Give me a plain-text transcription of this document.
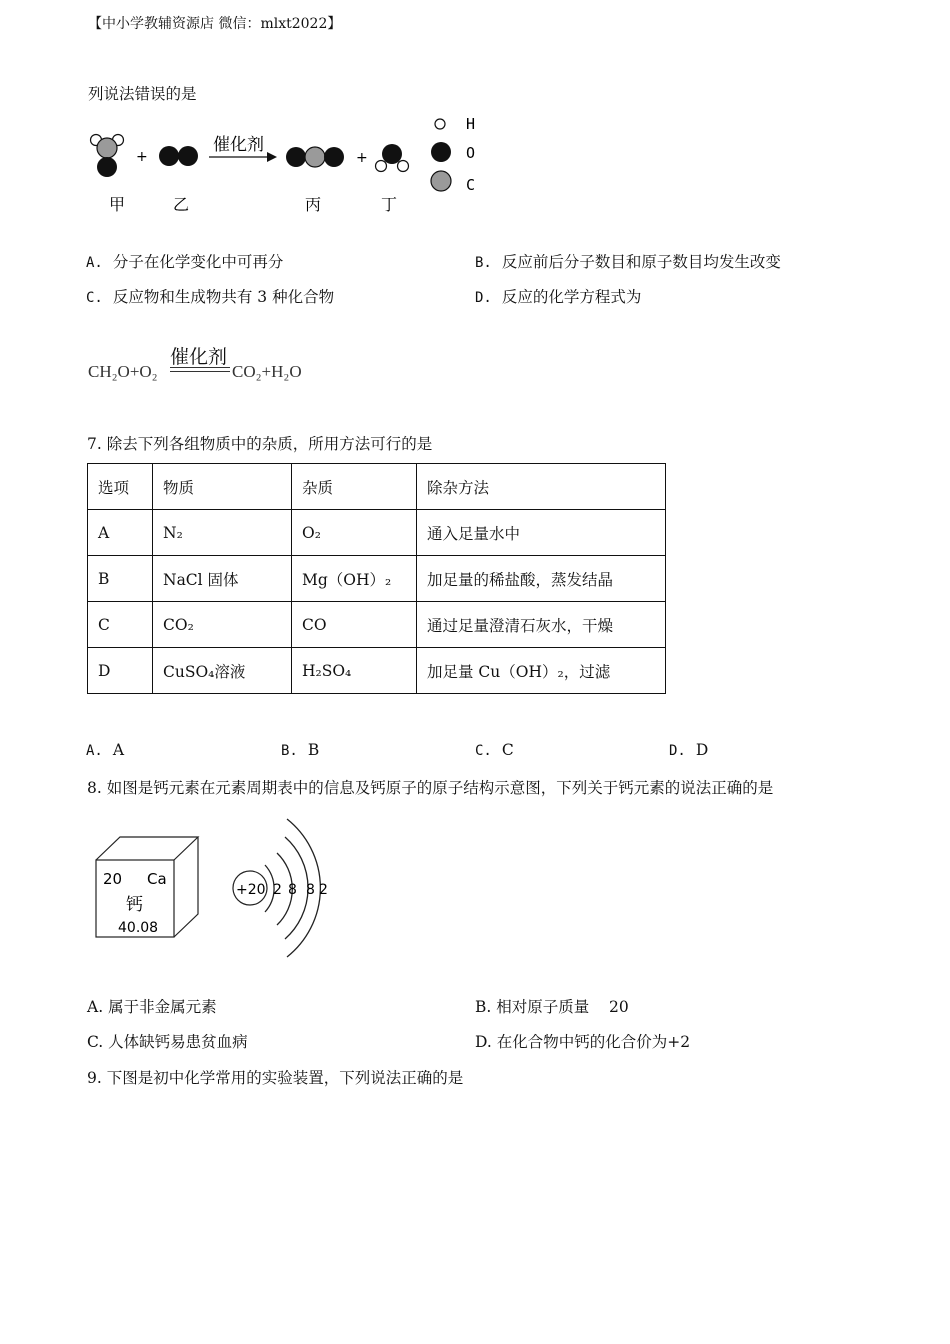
【中小学教辅资源店 微信：mlxt2022】
列说法错误的是
+
催化剂
+
甲	乙	丙	丁
H
O
C
A. 分子在化学变化中可再分	B. 反应前后分子数目和原子数目均发生改变
C. 反应物和生成物共有 3 种化合物	D. 反应的化学方程式为
CH₂O+O₂
催化剂
CO₂+H₂O
7. 除去下列各组物质中的杂质，所用方法可行的是
选项	物质	杂质	除杂方法
A	N₂	O₂	通入足量水中
B	NaCl 固体	Mg（OH）₂	加足量的稀盐酸，蒸发结晶
C	CO₂	CO	通过足量澄清石灰水，干燥
D	CuSO₄溶液	H₂SO₄	加足量 Cu（OH）₂，过滤
A. A	B. B	C. C	D. D
8. 如图是钙元素在元素周期表中的信息及钙原子的原子结构示意图，下列关于钙元素的说法正确的是
20 Ca
钙
40.08
+20 2 8 8 2
A. 属于非金属元素	B. 相对原子质量    20
C. 人体缺钙易患贫血病	D. 在化合物中钙的化合价为+2
9. 下图是初中化学常用的实验装置，下列说法正确的是
